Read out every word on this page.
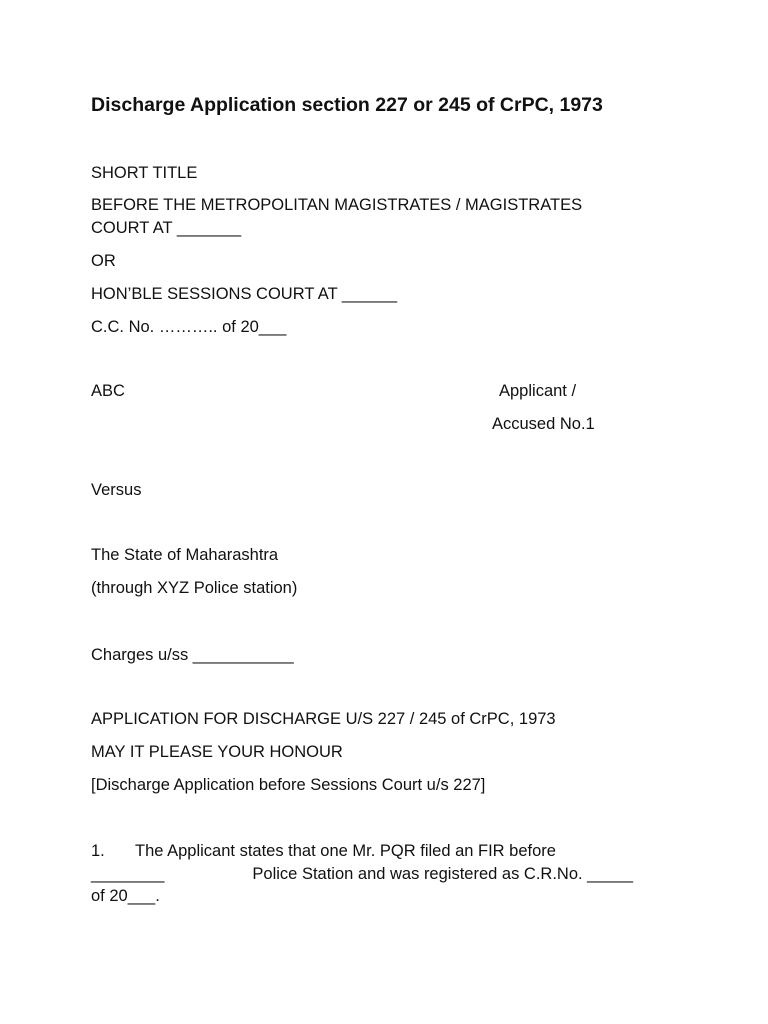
Discharge Application section 227 or 245 of CrPC, 1973

SHORT TITLE

BEFORE THE METROPOLITAN MAGISTRATES / MAGISTRATES

COURT AT _______

OR

HON’BLE SESSIONS COURT AT ______

C.C. No. ……….. of 20___

ABC	Applicant /
Accused No.1

Versus

The State of Maharashtra

(through XYZ Police station)

Charges u/ss ___________

APPLICATION FOR DISCHARGE U/S 227 / 245 of CrPC, 1973

MAY IT PLEASE YOUR HONOUR

[Discharge Application before Sessions Court u/s 227]

1. The Applicant states that one Mr. PQR filed an FIR before
________	Police Station and was registered as C.R.No. _____
of 20___.
